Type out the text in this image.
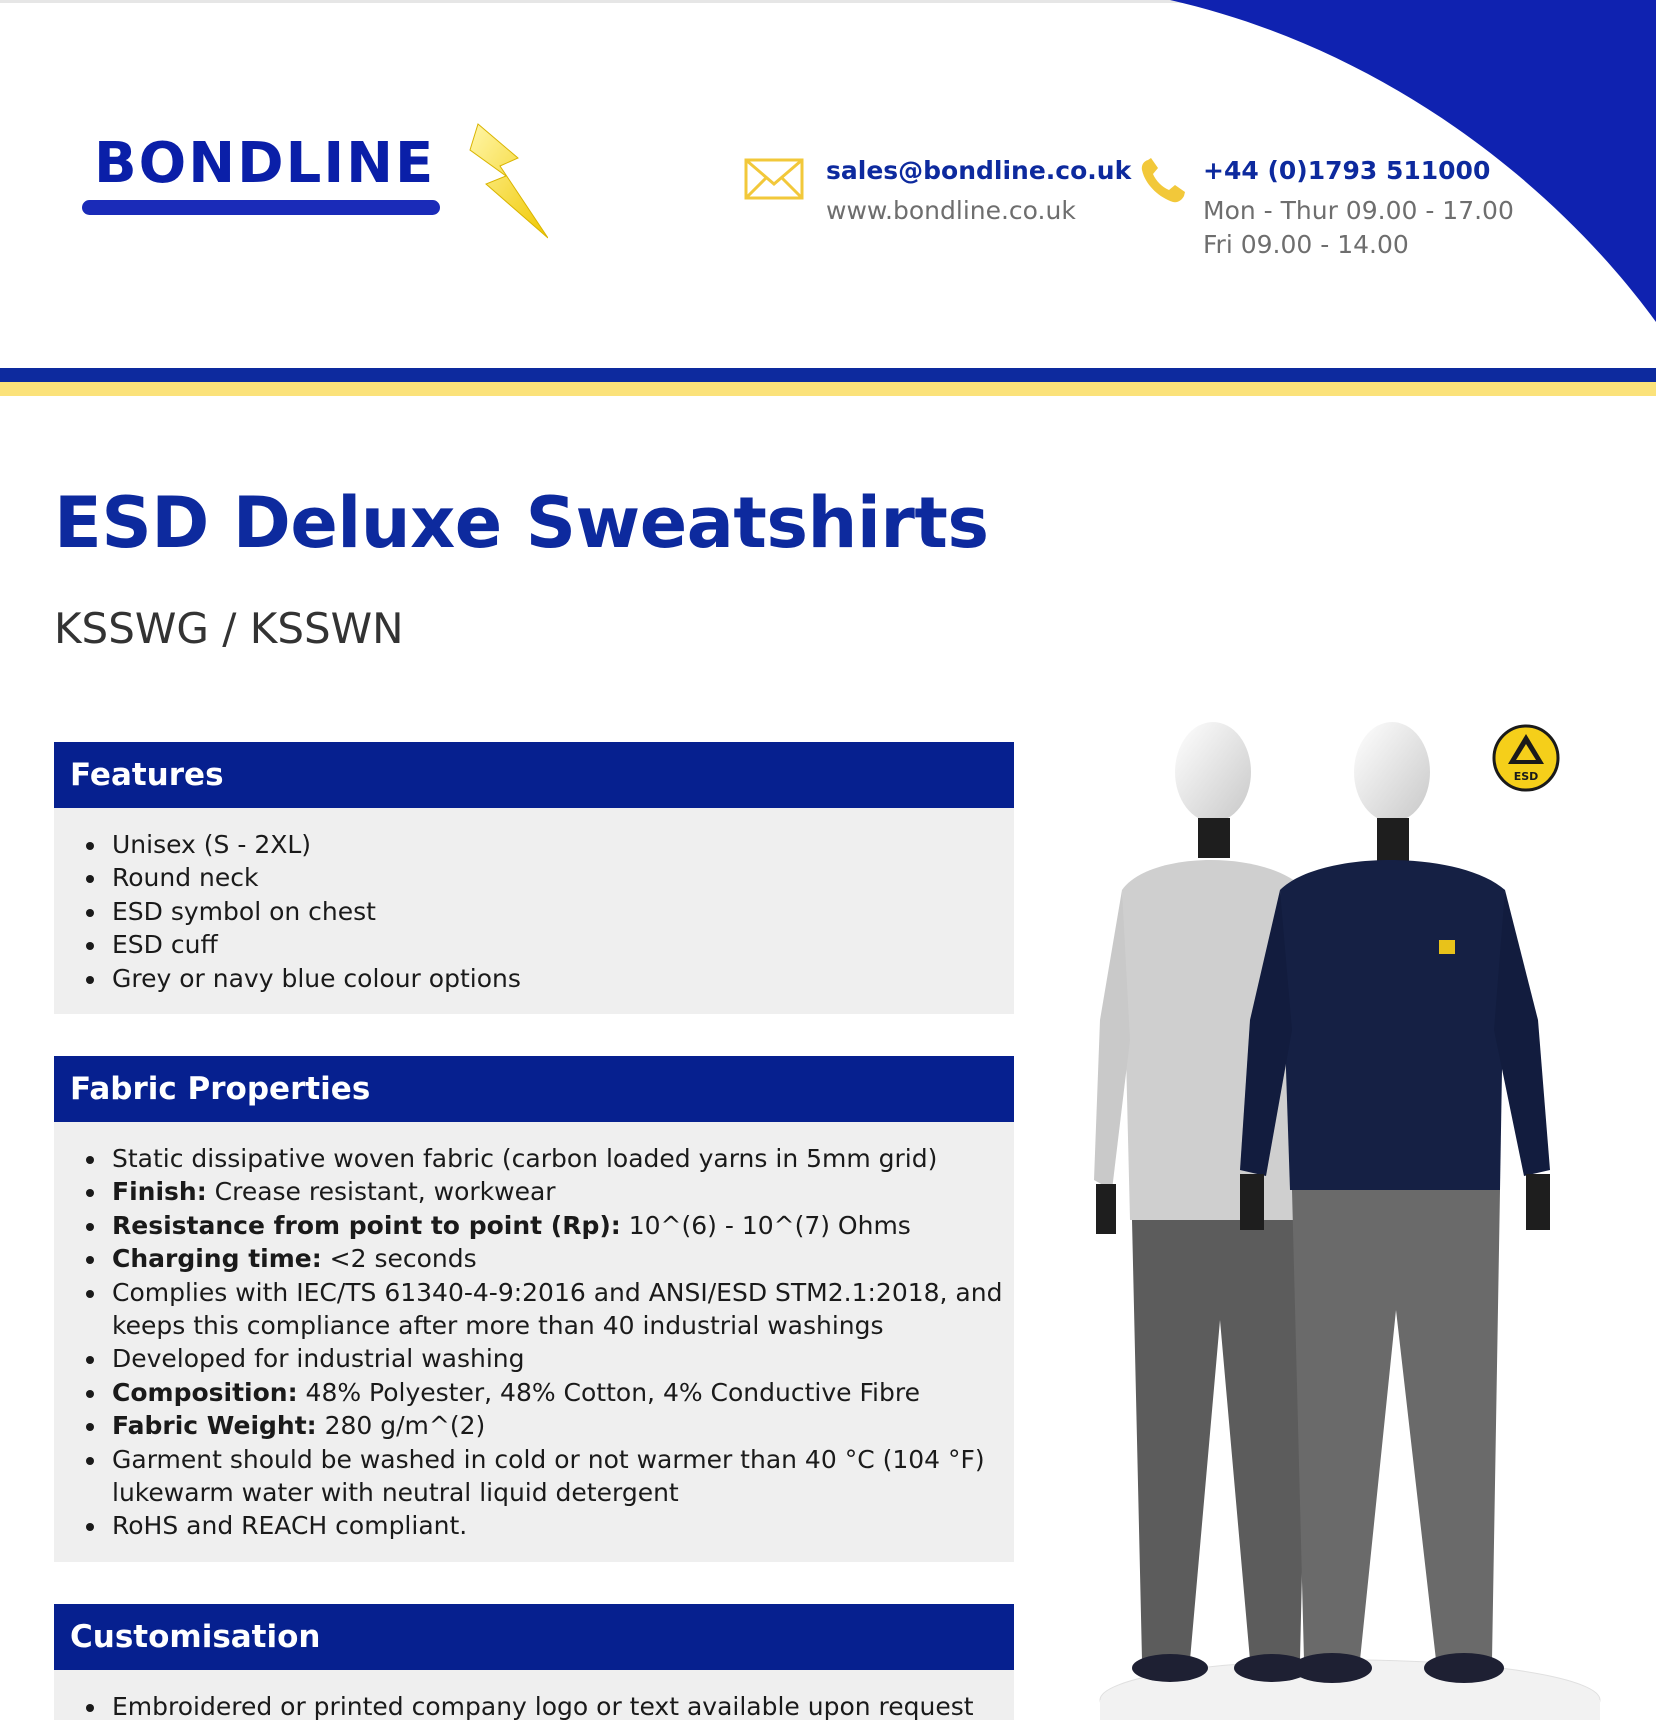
BONDLINE	sales@bondline.co.uk
www.bondline.co.uk
+44 (0)1793 511000
Mon - Thur 09.00 - 17.00
Fri 09.00 - 14.00
ESD Deluxe Sweatshirts
KSSWG / KSSWN
Features
Unisex (S - 2XL)
Round neck
ESD symbol on chest
ESD cuff
Grey or navy blue colour options
Fabric Properties
Static dissipative woven fabric (carbon loaded yarns in 5mm grid)
Finish: Crease resistant, workwear
Resistance from point to point (Rp): 10^(6) - 10^(7) Ohms
Charging time: <2 seconds
Complies with IEC/TS 61340-4-9:2016 and ANSI/ESD STM2.1:2018, and keeps this compliance after more than 40 industrial washings
Developed for industrial washing
Composition: 48% Polyester, 48% Cotton, 4% Conductive Fibre
Fabric Weight: 280 g/m^(2)
Garment should be washed in cold or not warmer than 40 °C (104 °F) lukewarm water with neutral liquid detergent
RoHS and REACH compliant.
Customisation
Embroidered or printed company logo or text available upon request
ESD
